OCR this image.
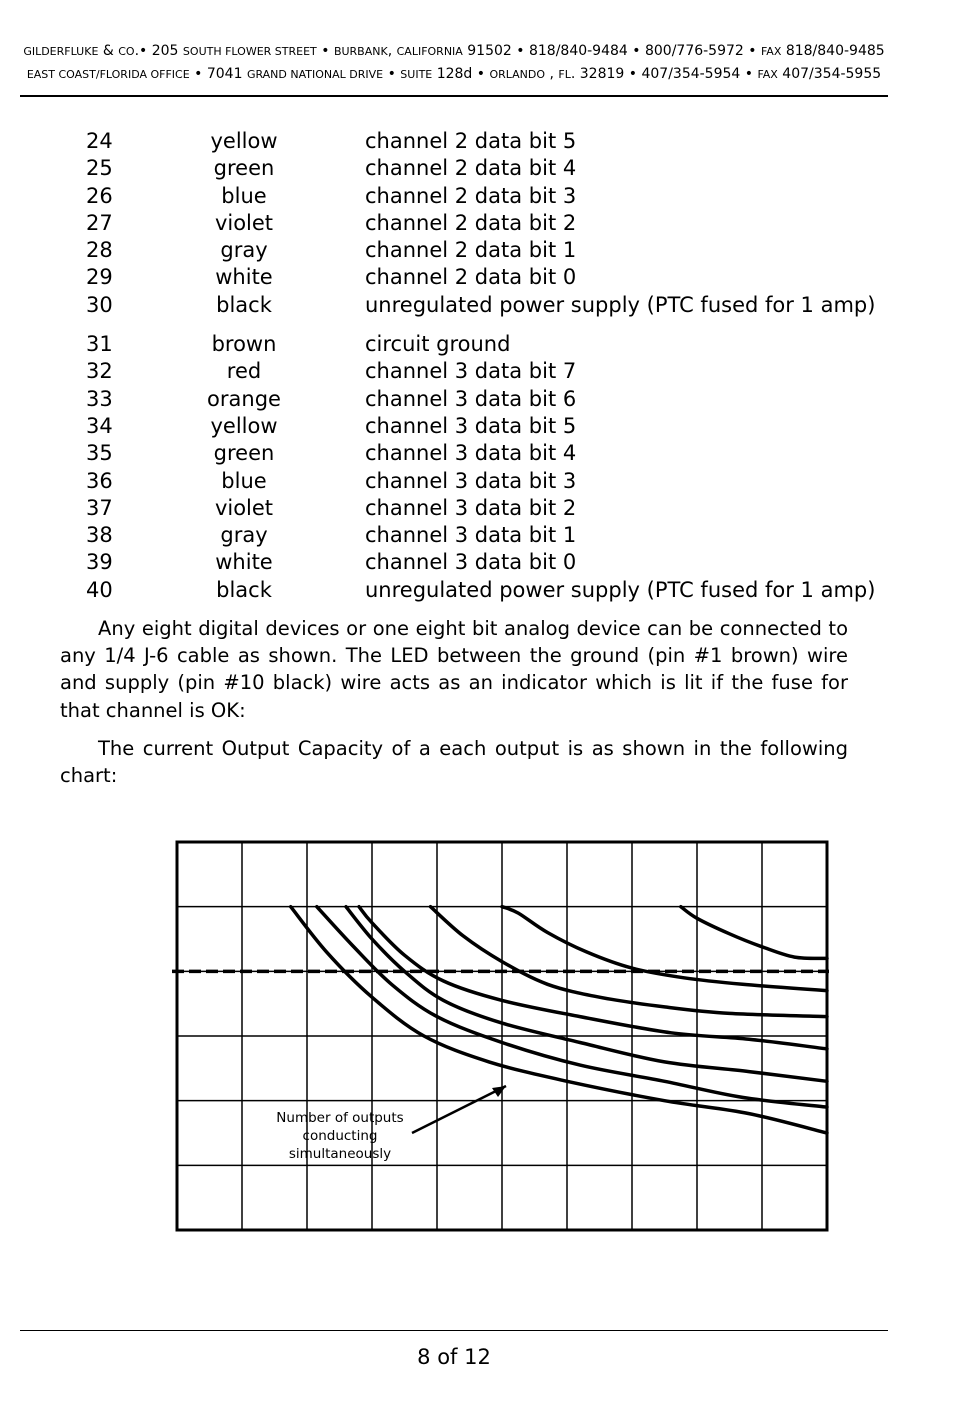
GILDERFLUKE & CO.• 205 SOUTH FLOWER STREET • BURBANK, CALIFORNIA 91502 • 818/840-9484 • 800/776-5972 • FAX 818/840-9485
EAST COAST/FLORIDA OFFICE • 7041 GRAND NATIONAL DRIVE • SUITE 128d • ORLANDO , FL. 32819 • 407/354-5954 • FAX 407/354-5955
24	yellow	channel 2 data bit 5
25	green	channel 2 data bit 4
26	blue	channel 2 data bit 3
27	violet	channel 2 data bit 2
28	gray	channel 2 data bit 1
29	white	channel 2 data bit 0
30	black	unregulated power supply (PTC fused for 1 amp)
31	brown	circuit ground
32	red	channel 3 data bit 7
33	orange	channel 3 data bit 6
34	yellow	channel 3 data bit 5
35	green	channel 3 data bit 4
36	blue	channel 3 data bit 3
37	violet	channel 3 data bit 2
38	gray	channel 3 data bit 1
39	white	channel 3 data bit 0
40	black	unregulated power supply (PTC fused for 1 amp)

Any eight digital devices or one eight bit analog device can be connected to any 1/4 J-6 cable as shown. The LED between the ground (pin #1 brown) wire and supply (pin #10 black) wire acts as an indicator which is lit if the fuse for that channel is OK:

The current Output Capacity of a each output is as shown in the following chart:

Number of outputs conducting simultaneously
8 of 12
